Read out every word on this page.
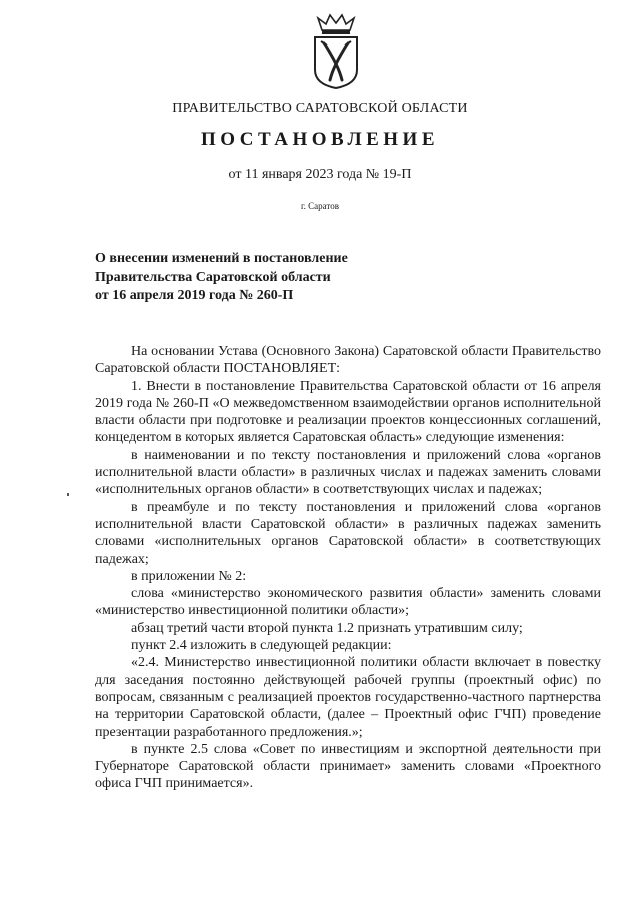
ПРАВИТЕЛЬСТВО САРАТОВСКОЙ ОБЛАСТИ
ПОСТАНОВЛЕНИЕ
от 11 января 2023 года № 19-П
г. Саратов
О внесении изменений в постановление
Правительства Саратовской области
от 16 апреля 2019 года № 260-П

На основании Устава (Основного Закона) Саратовской области Правительство Саратовской области ПОСТАНОВЛЯЕТ:

1. Внести в постановление Правительства Саратовской области от 16 апреля 2019 года № 260-П «О межведомственном взаимодействии органов исполнительной власти области при подготовке и реализации проектов концессионных соглашений, концедентом в которых является Саратовская область» следующие изменения:

в наименовании и по тексту постановления и приложений слова «органов исполнительной власти области» в различных числах и падежах заменить словами «исполнительных органов области» в соответствующих числах и падежах;

в преамбуле и по тексту постановления и приложений слова «органов исполнительной власти Саратовской области» в различных падежах заменить словами «исполнительных органов Саратовской области» в соответствующих падежах;

в приложении № 2:

слова «министерство экономического развития области» заменить словами «министерство инвестиционной политики области»;

абзац третий части второй пункта 1.2 признать утратившим силу;

пункт 2.4 изложить в следующей редакции:

«2.4. Министерство инвестиционной политики области включает в повестку для заседания постоянно действующей рабочей группы (проектный офис) по вопросам, связанным с реализацией проектов государственно-частного партнерства на территории Саратовской области, (далее – Проектный офис ГЧП) проведение презентации разработанного предложения.»;

в пункте 2.5 слова «Совет по инвестициям и экспортной деятельности при Губернаторе Саратовской области принимает» заменить словами «Проектного офиса ГЧП принимается».
